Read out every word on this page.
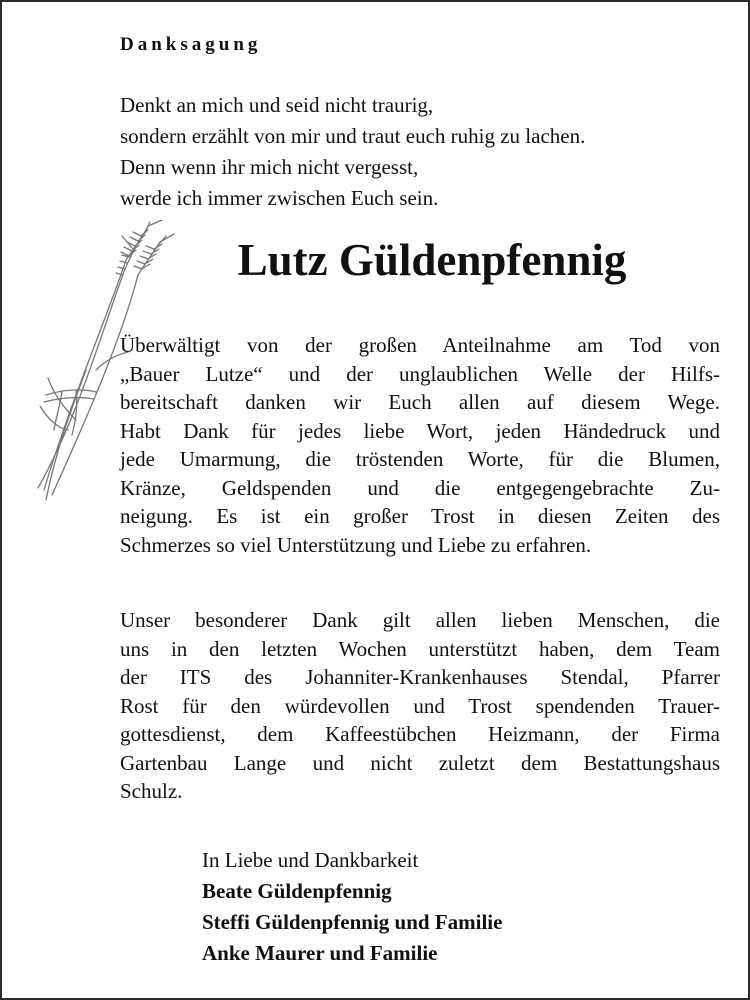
Danksagung
Denkt an mich und seid nicht traurig,
sondern erzählt von mir und traut euch ruhig zu lachen.
Denn wenn ihr mich nicht vergesst,
werde ich immer zwischen Euch sein.
Lutz Güldenpfennig
Überwältigt von der großen Anteilnahme am Tod von
„Bauer Lutze“ und der unglaublichen Welle der Hilfs-
bereitschaft danken wir Euch allen auf diesem Wege.
Habt Dank für jedes liebe Wort, jeden Händedruck und
jede Umarmung, die tröstenden Worte, für die Blumen,
Kränze, Geldspenden und die entgegengebrachte Zu-
neigung. Es ist ein großer Trost in diesen Zeiten des
Schmerzes so viel Unterstützung und Liebe zu erfahren.
Unser besonderer Dank gilt allen lieben Menschen, die
uns in den letzten Wochen unterstützt haben, dem Team
der ITS des Johanniter-Krankenhauses Stendal, Pfarrer
Rost für den würdevollen und Trost spendenden Trauer-
gottesdienst, dem Kaffeestübchen Heizmann, der Firma
Gartenbau Lange und nicht zuletzt dem Bestattungshaus
Schulz.
In Liebe und Dankbarkeit
Beate Güldenpfennig
Steffi Güldenpfennig und Familie
Anke Maurer und Familie
